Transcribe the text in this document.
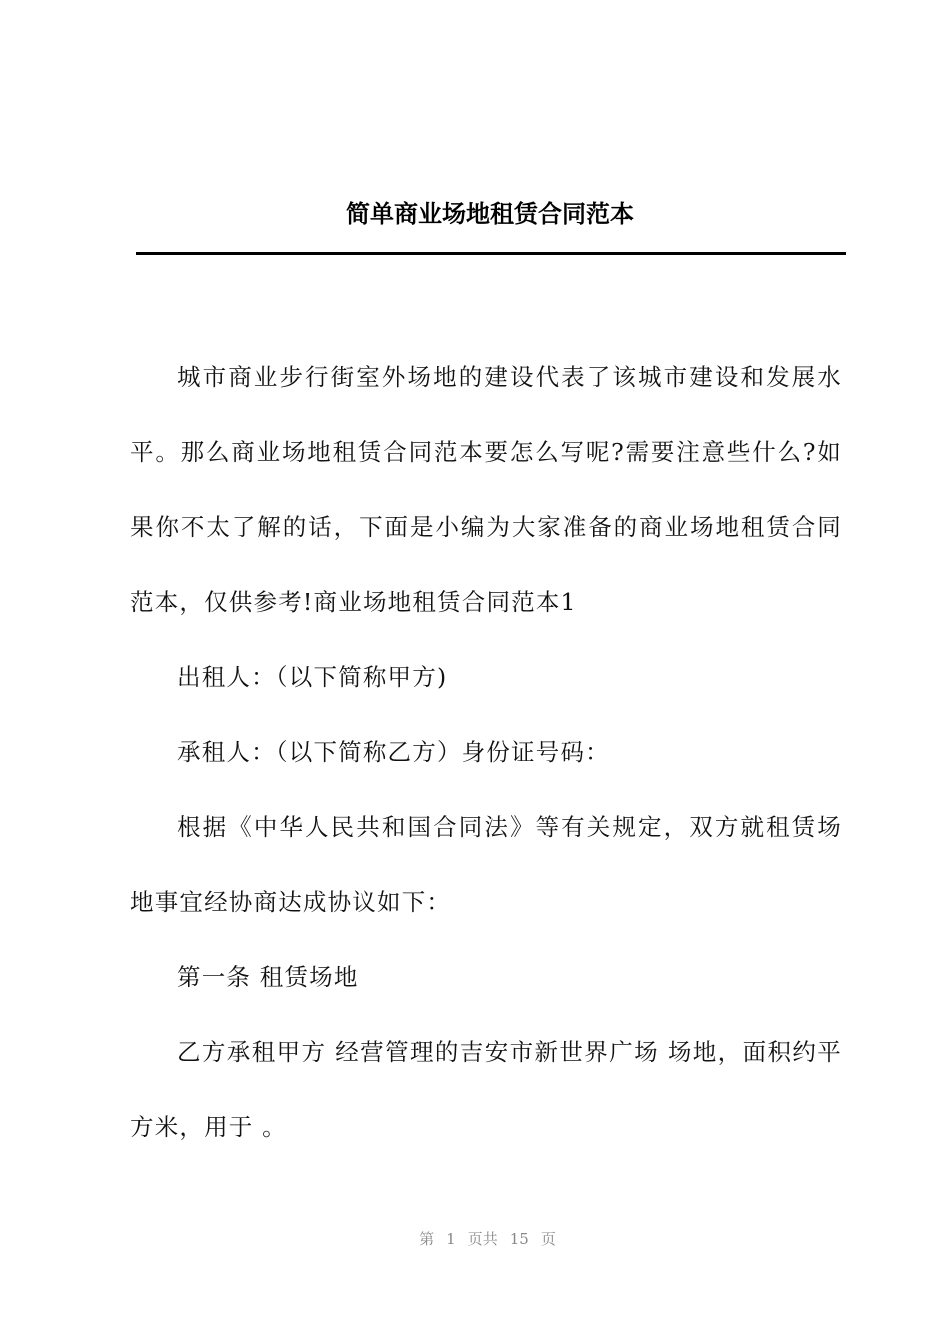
简单商业场地租赁合同范本

城市商业步行街室外场地的建设代表了该城市建设和发展水平。那么商业场地租赁合同范本要怎么写呢?需要注意些什么?如果你不太了解的话，下面是小编为大家准备的商业场地租赁合同范本，仅供参考!商业场地租赁合同范本1

出租人：（以下简称甲方)

承租人：（以下简称乙方）身份证号码：

根据《中华人民共和国合同法》等有关规定，双方就租赁场地事宜经协商达成协议如下：

第一条 租赁场地

乙方承租甲方 经营管理的吉安市新世界广场 场地，面积约平方米，用于 。

第 1 页共 15 页
